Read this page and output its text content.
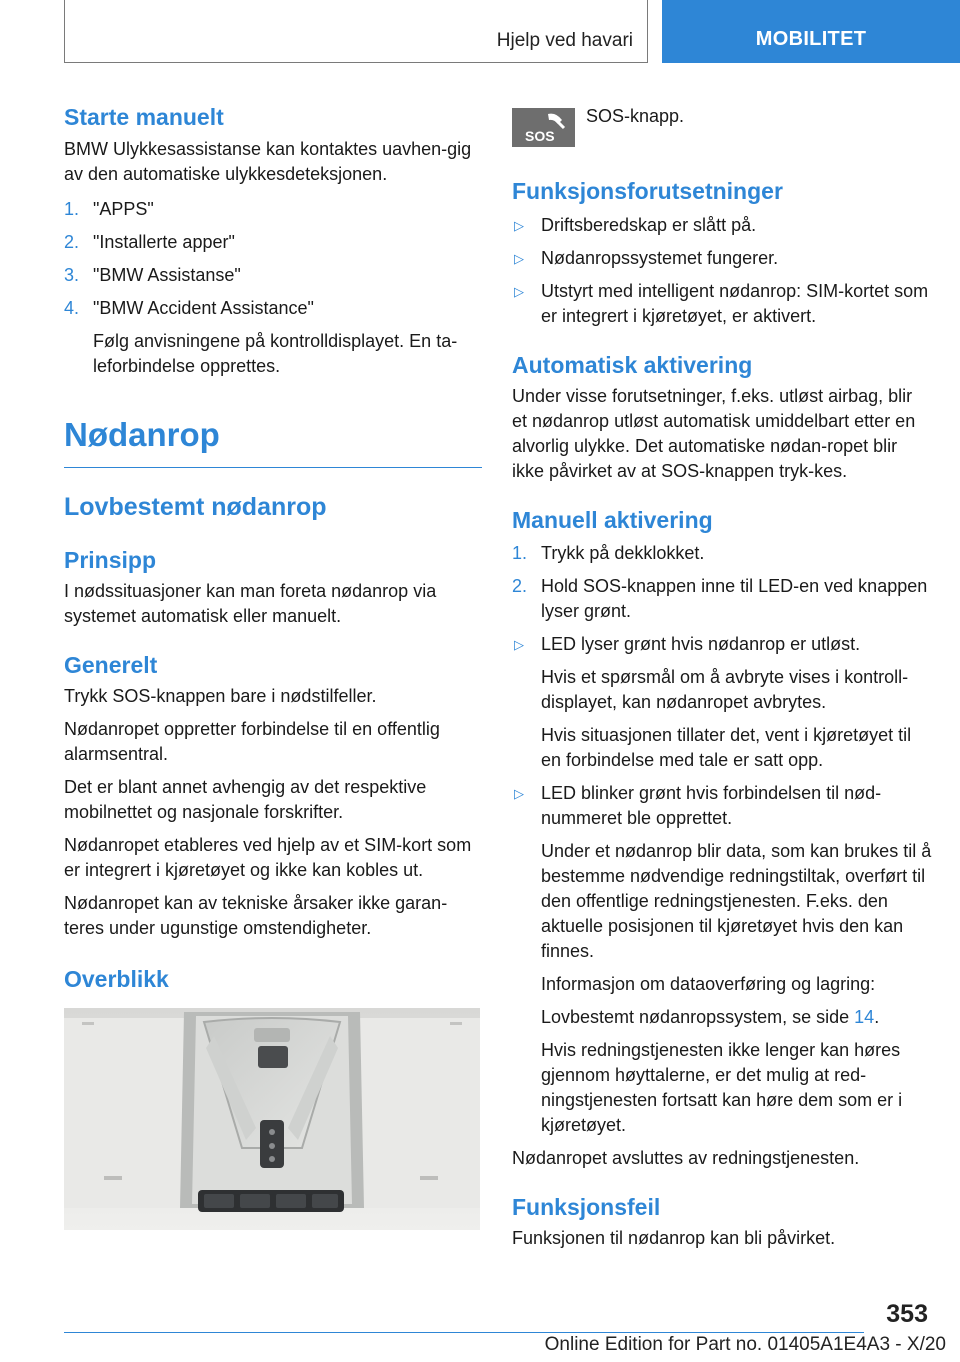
Hjelp ved havari	MOBILITET
Starte manuelt

BMW Ulykkesassistanse kan kontaktes uavhen-gig av den automatiske ulykkesdeteksjonen.

1. "APPS"
2. "Installerte apper"
3. "BMW Assistanse"
4. "BMW Accident Assistance"

Følg anvisningene på kontrolldisplayet. En ta-leforbindelse opprettes.

Nødanrop
Lovbestemt nødanrop
Prinsipp

I nødssituasjoner kan man foreta nødanrop via systemet automatisk eller manuelt.

Generelt

Trykk SOS-knappen bare i nødstilfeller.

Nødanropet oppretter forbindelse til en offentlig alarmsentral.

Det er blant annet avhengig av det respektive mobilnettet og nasjonale forskrifter.

Nødanropet etableres ved hjelp av et SIM-kort som er integrert i kjøretøyet og ikke kan kobles ut.

Nødanropet kan av tekniske årsaker ikke garan-teres under ugunstige omstendigheter.

Overblikk
SOS

SOS-knapp.

Funksjonsforutsetninger
▷ Driftsberedskap er slått på.
▷ Nødanropssystemet fungerer.
▷ Utstyrt med intelligent nødanrop: SIM-kortet som er integrert i kjøretøyet, er aktivert.
Automatisk aktivering

Under visse forutsetninger, f.eks. utløst airbag, blir et nødanrop utløst automatisk umiddelbart etter en alvorlig ulykke. Det automatiske nødan-ropet blir ikke påvirket av at SOS-knappen tryk-kes.

Manuell aktivering
1. Trykk på dekklokket.
2. Hold SOS-knappen inne til LED-en ved knappen lyser grønt.
▷ LED lyser grønt hvis nødanrop er utløst.

Hvis et spørsmål om å avbryte vises i kontroll-displayet, kan nødanropet avbrytes.

Hvis situasjonen tillater det, vent i kjøretøyet til en forbindelse med tale er satt opp.

▷ LED blinker grønt hvis forbindelsen til nød-nummeret ble opprettet.

Under et nødanrop blir data, som kan brukes til å bestemme nødvendige redningstiltak, overført til den offentlige redningstjenesten. F.eks. den aktuelle posisjonen til kjøretøyet hvis den kan finnes.

Informasjon om dataoverføring og lagring:

Lovbestemt nødanropssystem, se side 14.

Hvis redningstjenesten ikke lenger kan høres gjennom høyttalerne, er det mulig at red-ningstjenesten fortsatt kan høre dem som er i kjøretøyet.

Nødanropet avsluttes av redningstjenesten.

Funksjonsfeil

Funksjonen til nødanrop kan bli påvirket.

353
Online Edition for Part no. 01405A1E4A3 - X/20
